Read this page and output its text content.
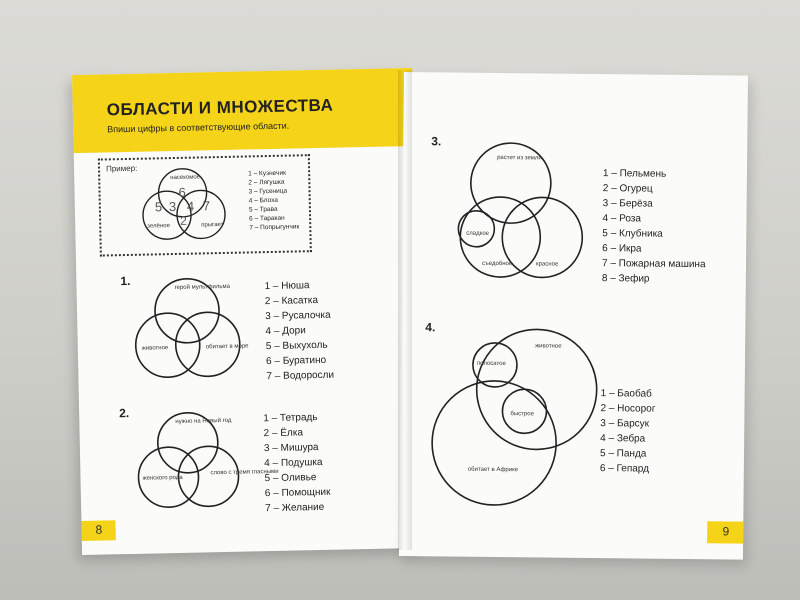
ОБЛАСТИ И МНОЖЕСТВА
Впиши цифры в соответствующие области.
Пример:
насекомое
зелёное	прыгает
6
5 3 4 7
2
1 – Кузнечик
2 – Лягушка
3 – Гусеница
4 – Блоха
5 – Трава
6 – Таракан
7 – Попрыгунчик
1.	герой мультфильма
животное	обитает в море
1 – Нюша
2 – Касатка
3 – Русалочка
4 – Дори
5 – Выхухоль
6 – Буратино
7 – Водоросли
2.
нужно на Новый год
женского рода
слово с тремя гласными
1 – Тетрадь
2 – Ёлка
3 – Мишура
4 – Подушка
5 – Оливье
6 – Помощник
7 – Желание
8
3.
растет из земли
сладкое
съедобное	красное
1 – Пельмень
2 – Огурец
3 – Берёза
4 – Роза
5 – Клубника
6 – Икра
7 – Пожарная машина
8 – Зефир
4.
животное
полосатое
быстрое
обитает в Африке
1 – Баобаб
2 – Носорог
3 – Барсук
4 – Зебра
5 – Панда
6 – Гепард
9
